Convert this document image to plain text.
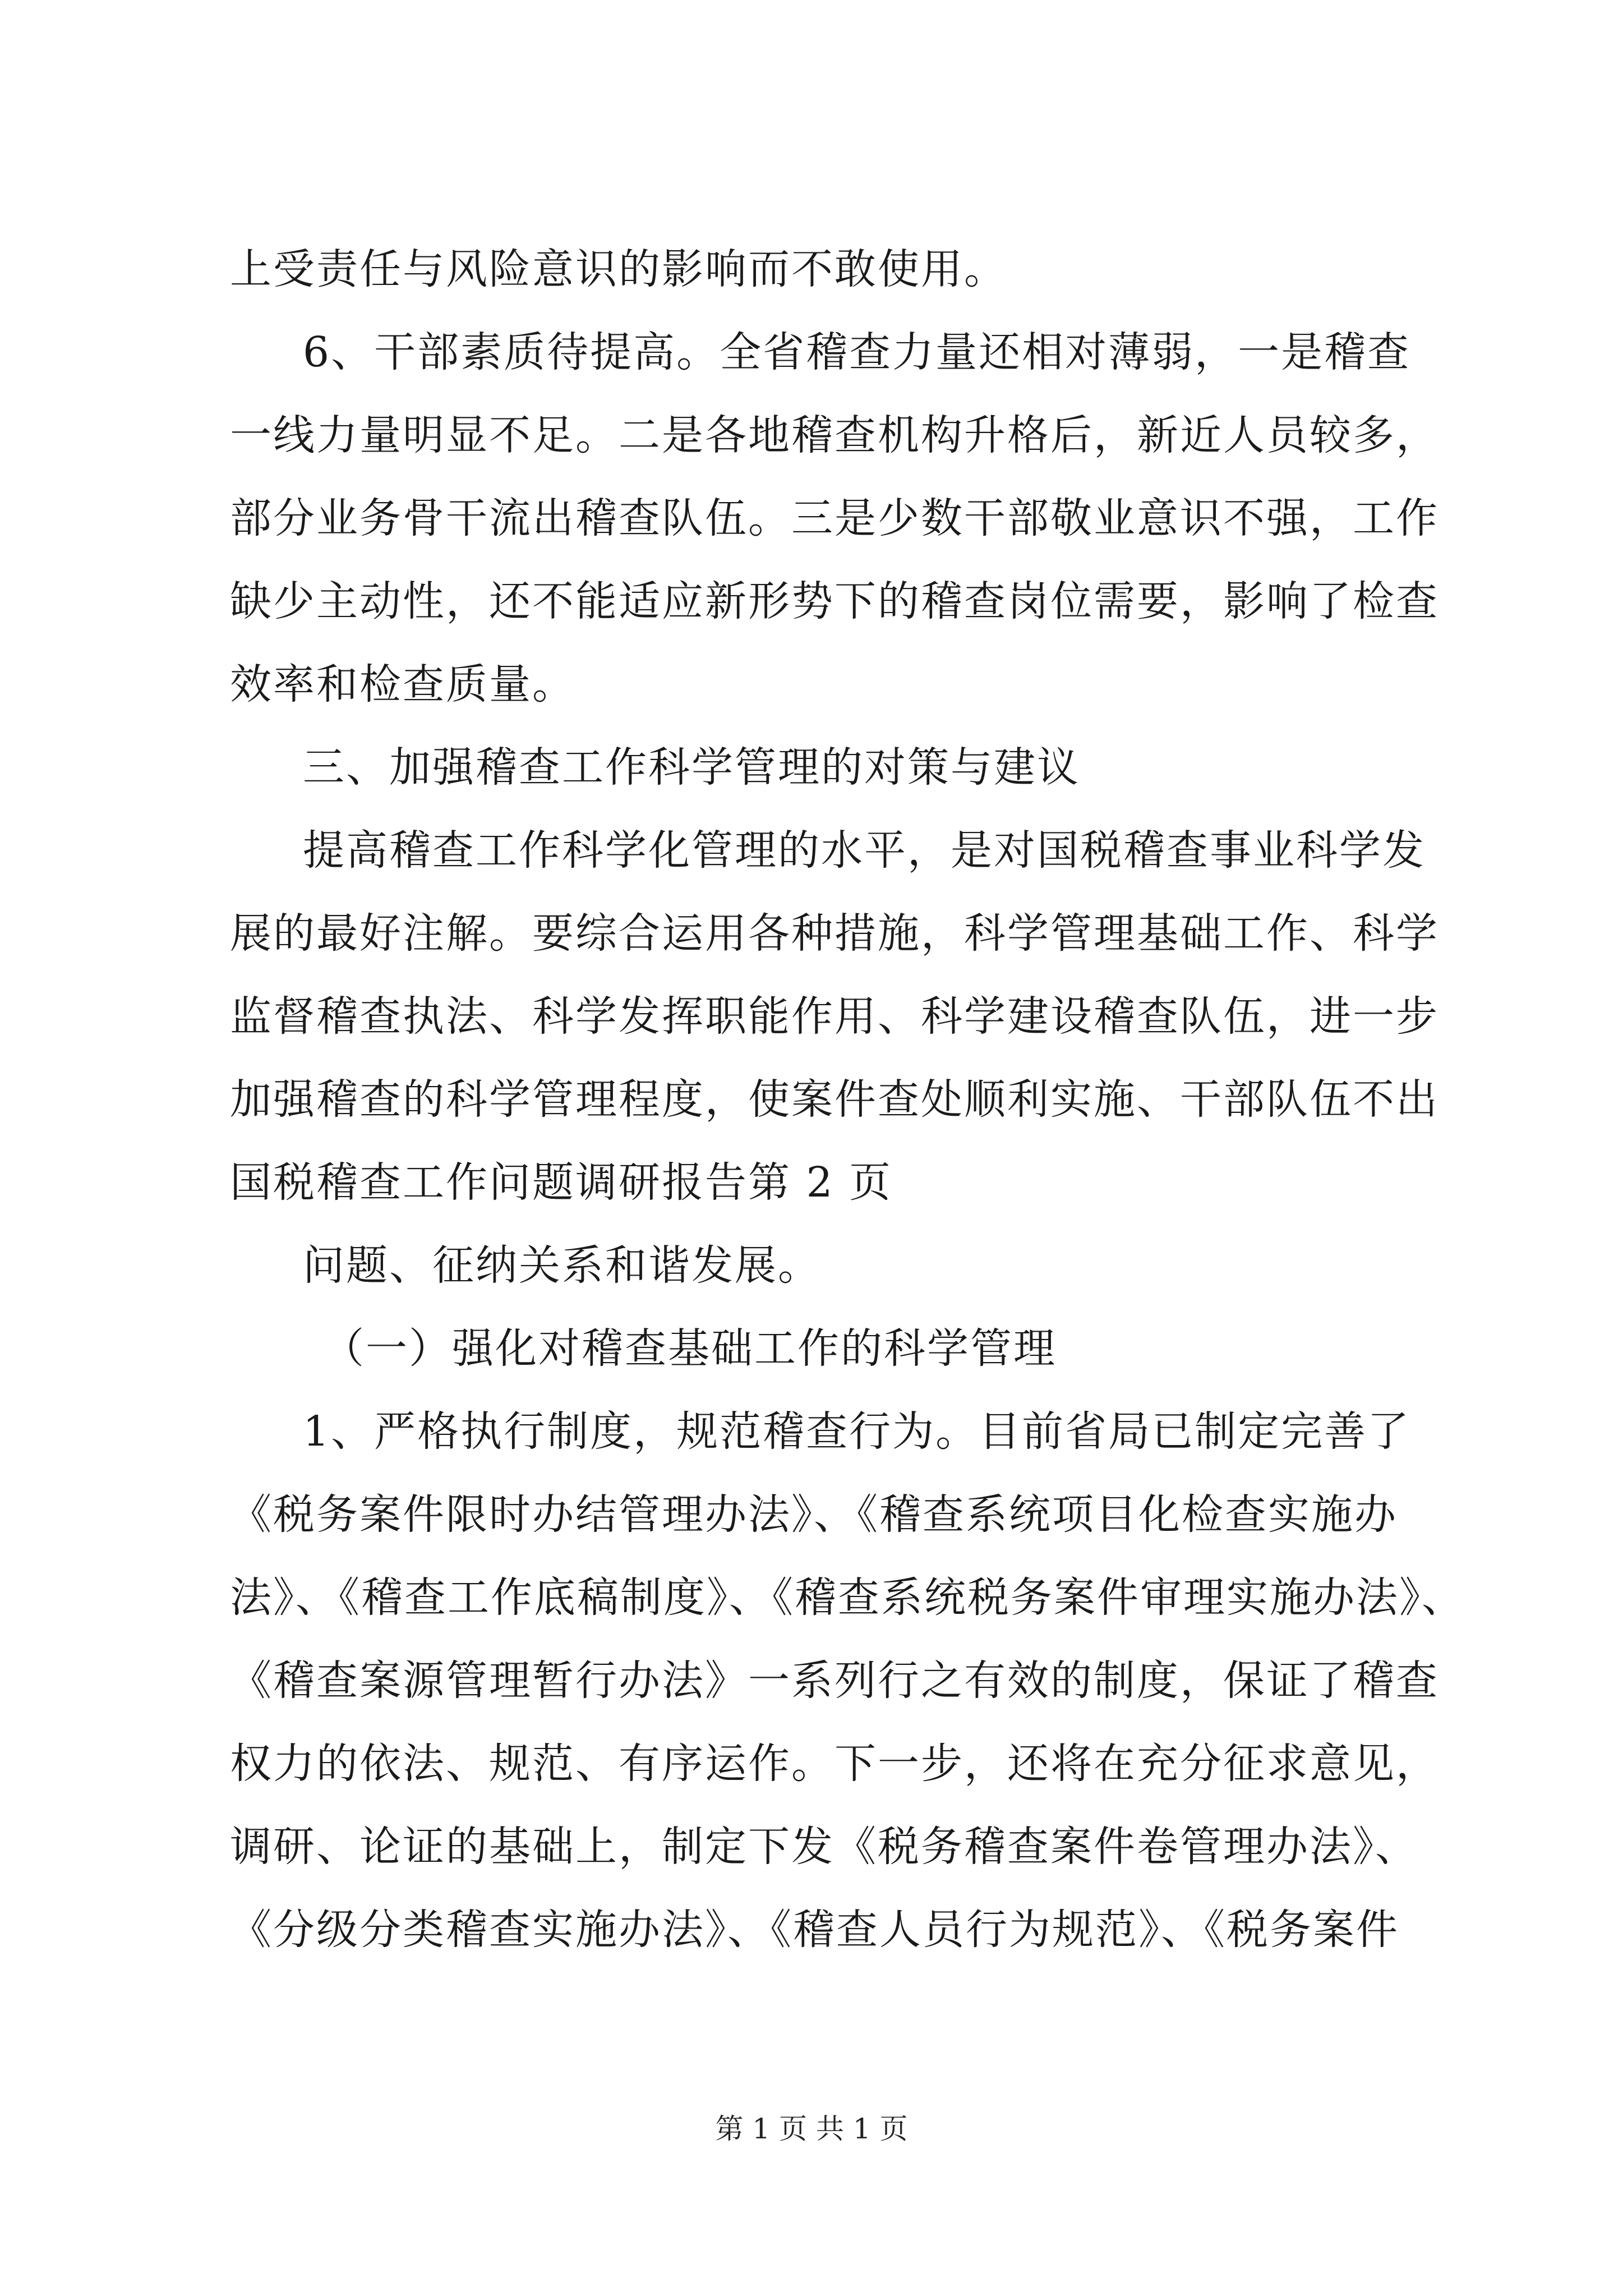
上受责任与风险意识的影响而不敢使用。
6、干部素质待提高。全省稽查力量还相对薄弱，一是稽查
一线力量明显不足。二是各地稽查机构升格后，新近人员较多，
部分业务骨干流出稽查队伍。三是少数干部敬业意识不强，工作
缺少主动性，还不能适应新形势下的稽查岗位需要，影响了检查
效率和检查质量。
三、加强稽查工作科学管理的对策与建议
提高稽查工作科学化管理的水平，是对国税稽查事业科学发
展的最好注解。要综合运用各种措施，科学管理基础工作、科学
监督稽查执法、科学发挥职能作用、科学建设稽查队伍，进一步
加强稽查的科学管理程度，使案件查处顺利实施、干部队伍不出
国税稽查工作问题调研报告第 2 页
问题、征纳关系和谐发展。
（一）强化对稽查基础工作的科学管理
1、严格执行制度，规范稽查行为。目前省局已制定完善了
《税务案件限时办结管理办法》、《稽查系统项目化检查实施办
法》、《稽查工作底稿制度》、《稽查系统税务案件审理实施办法》、
《稽查案源管理暂行办法》一系列行之有效的制度，保证了稽查
权力的依法、规范、有序运作。下一步，还将在充分征求意见，
调研、论证的基础上，制定下发《税务稽查案件卷管理办法》、
《分级分类稽查实施办法》、《稽查人员行为规范》、《税务案件
第 1 页 共 1 页
